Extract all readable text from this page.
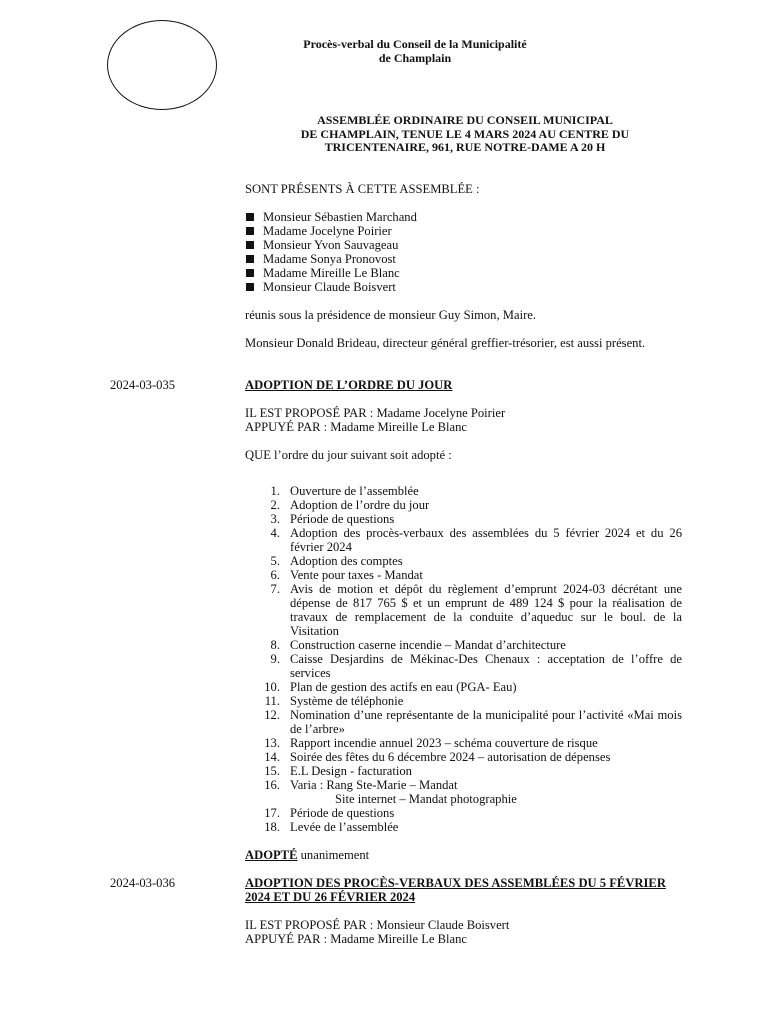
Procès-verbal du Conseil de la Municipalité
de Champlain
ASSEMBLÉE ORDINAIRE DU CONSEIL MUNICIPAL
DE CHAMPLAIN, TENUE LE 4 MARS 2024 AU CENTRE DU
TRICENTENAIRE, 961, RUE NOTRE-DAME A 20 H
SONT PRÉSENTS À CETTE ASSEMBLÉE :
Monsieur Sébastien Marchand
Madame Jocelyne Poirier
Monsieur Yvon Sauvageau
Madame Sonya Pronovost
Madame Mireille Le Blanc
Monsieur Claude Boisvert
réunis sous la présidence de monsieur Guy Simon, Maire.
Monsieur Donald Brideau, directeur général greffier-trésorier, est aussi présent.
2024-03-035	ADOPTION DE L’ORDRE DU JOUR
IL EST PROPOSÉ PAR : Madame Jocelyne Poirier
APPUYÉ PAR : Madame Mireille Le Blanc
QUE l’ordre du jour suivant soit adopté :
1. Ouverture de l’assemblée
2. Adoption de l’ordre du jour
3. Période de questions
4. Adoption des procès-verbaux des assemblées du 5 février 2024 et du 26 février 2024
5. Adoption des comptes
6. Vente pour taxes - Mandat
7. Avis de motion et dépôt du règlement d’emprunt 2024-03 décrétant une dépense de 817 765 $ et un emprunt de 489 124 $ pour la réalisation de travaux de remplacement de la conduite d’aqueduc sur le boul. de la Visitation
8. Construction caserne incendie – Mandat d’architecture
9. Caisse Desjardins de Mékinac-Des Chenaux : acceptation de l’offre de services
10. Plan de gestion des actifs en eau (PGA- Eau)
11. Système de téléphonie
12. Nomination d’une représentante de la municipalité pour l’activité «Mai mois de l’arbre»
13. Rapport incendie annuel 2023 – schéma couverture de risque
14. Soirée des fêtes du 6 décembre 2024 – autorisation de dépenses
15. E.L Design - facturation
16. Varia : Rang Ste-Marie – Mandat
Site internet – Mandat photographie
17. Période de questions
18. Levée de l’assemblée
ADOPTÉ unanimement
2024-03-036	ADOPTION DES PROCÈS-VERBAUX DES ASSEMBLÉES DU 5 FÉVRIER 2024 ET DU 26 FÉVRIER 2024
IL EST PROPOSÉ PAR : Monsieur Claude Boisvert
APPUYÉ PAR : Madame Mireille Le Blanc
